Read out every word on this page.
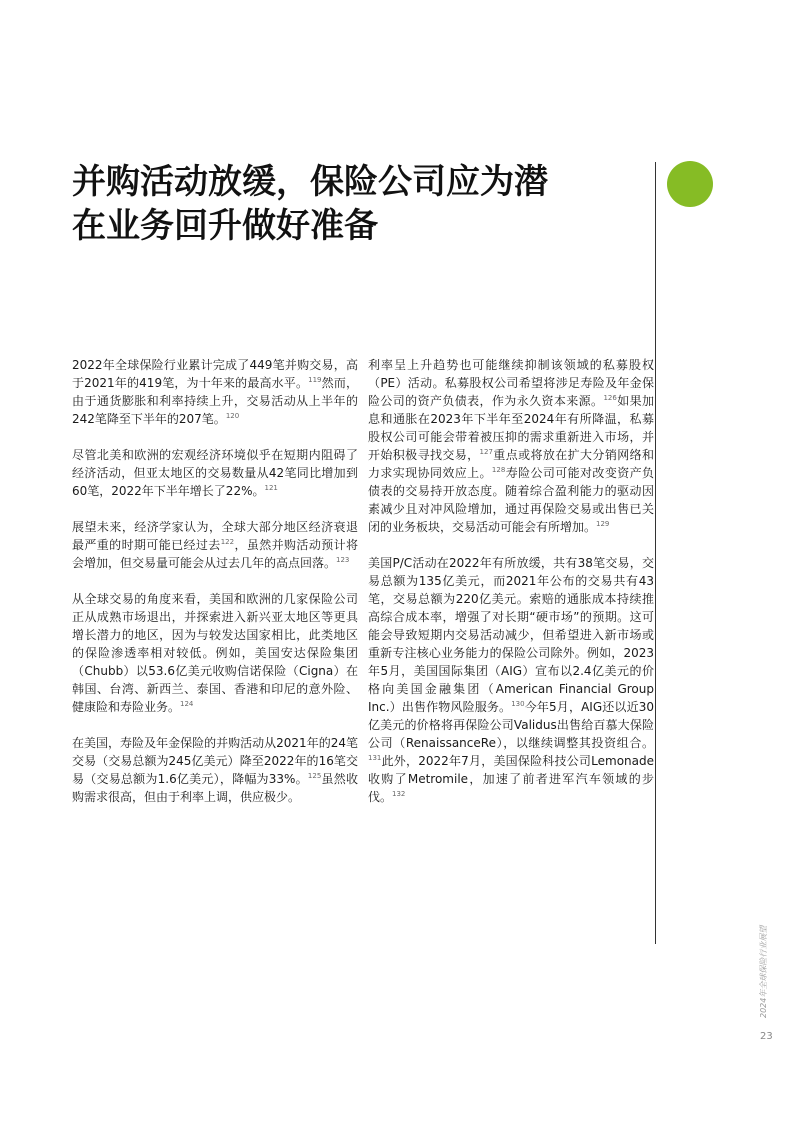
并购活动放缓，保险公司应为潜
在业务回升做好准备

2022年全球保险行业累计完成了449笔并购交易，高于2021年的419笔，为十年来的最高水平。$^{119}$然而，由于通货膨胀和利率持续上升，交易活动从上半年的242笔降至下半年的207笔。$^{120}$

尽管北美和欧洲的宏观经济环境似乎在短期内阻碍了经济活动，但亚太地区的交易数量从42笔同比增加到60笔，2022年下半年增长了22%。$^{121}$

展望未来，经济学家认为，全球大部分地区经济衰退最严重的时期可能已经过去$^{122}$，虽然并购活动预计将会增加，但交易量可能会从过去几年的高点回落。$^{123}$

从全球交易的角度来看，美国和欧洲的几家保险公司正从成熟市场退出，并探索进入新兴亚太地区等更具增长潜力的地区，因为与较发达国家相比，此类地区的保险渗透率相对较低。例如，美国安达保险集团（Chubb）以53.6亿美元收购信诺保险（Cigna）在韩国、台湾、新西兰、泰国、香港和印尼的意外险、健康险和寿险业务。$^{124}$

在美国，寿险及年金保险的并购活动从2021年的24笔交易（交易总额为245亿美元）降至2022年的16笔交易（交易总额为1.6亿美元），降幅为33%。$^{125}$虽然收购需求很高，但由于利率上调，供应极少。

利率呈上升趋势也可能继续抑制该领域的私募股权（PE）活动。私募股权公司希望将涉足寿险及年金保险公司的资产负债表，作为永久资本来源。$^{126}$如果加息和通胀在2023年下半年至2024年有所降温，私募股权公司可能会带着被压抑的需求重新进入市场，并开始积极寻找交易，$^{127}$重点或将放在扩大分销网络和力求实现协同效应上。$^{128}$寿险公司可能对改变资产负债表的交易持开放态度。随着综合盈利能力的驱动因素减少且对冲风险增加，通过再保险交易或出售已关闭的业务板块，交易活动可能会有所增加。$^{129}$

美国P/C活动在2022年有所放缓，共有38笔交易，交易总额为135亿美元，而2021年公布的交易共有43笔，交易总额为220亿美元。索赔的通胀成本持续推高综合成本率，增强了对长期“硬市场”的预期。这可能会导致短期内交易活动减少，但希望进入新市场或重新专注核心业务能力的保险公司除外。例如，2023年5月，美国国际集团（AIG）宣布以2.4亿美元的价格向美国金融集团（American Financial Group Inc.）出售作物风险服务。$^{130}$今年5月，AIG还以近30亿美元的价格将再保险公司Validus出售给百慕大保险公司（RenaissanceRe），以继续调整其投资组合。$^{131}$此外，2022年7月，美国保险科技公司Lemonade收购了Metromile，加速了前者进军汽车领域的步伐。$^{132}$

2024年全球保险行业展望
23
